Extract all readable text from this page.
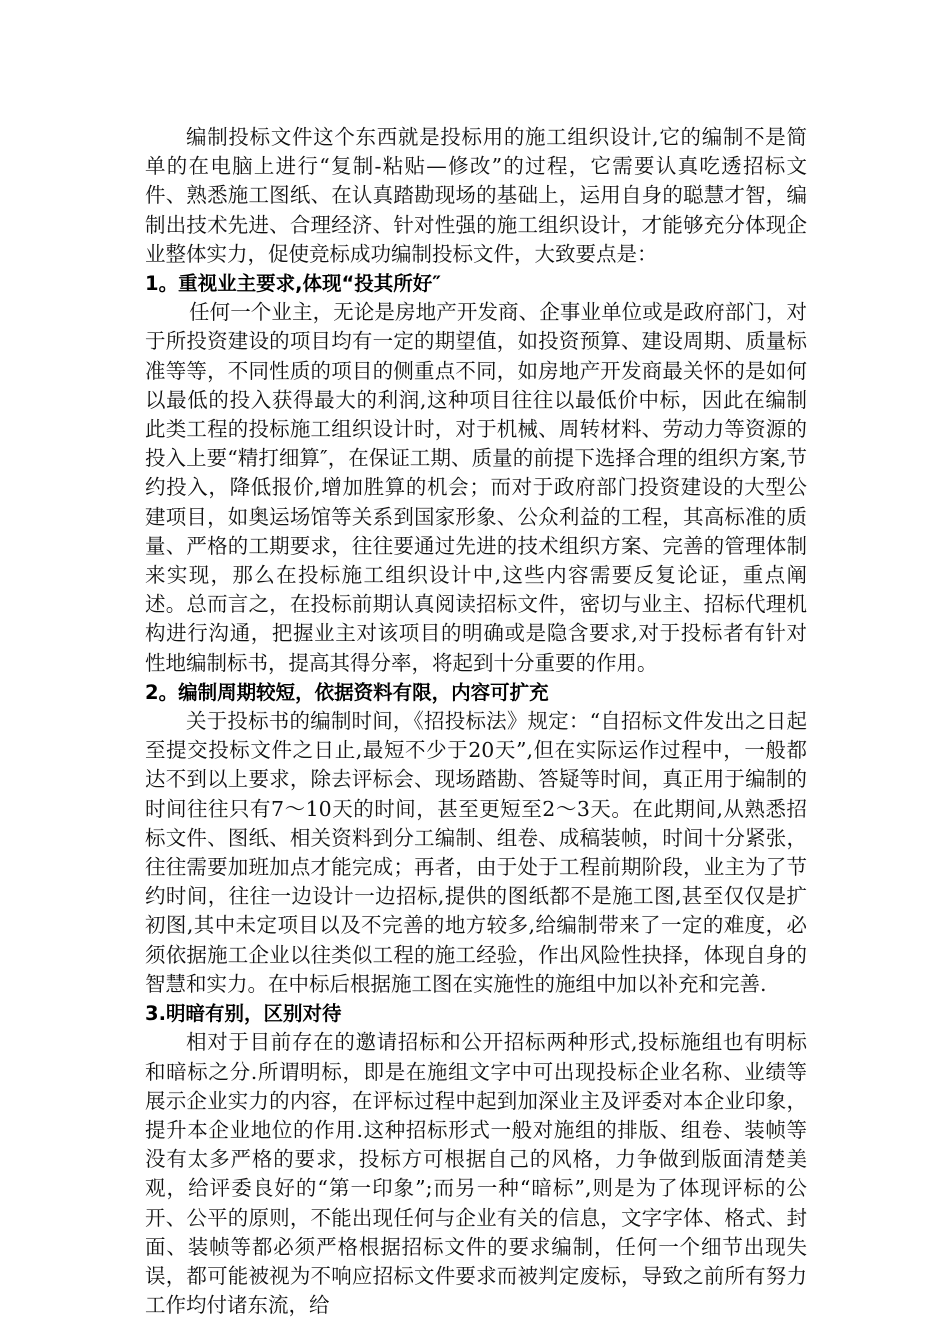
编制投标文件这个东西就是投标用的施工组织设计,它的编制不是简单的在电脑上进行“复制-粘贴—修改”的过程，它需要认真吃透招标文件、熟悉施工图纸、在认真踏勘现场的基础上，运用自身的聪慧才智，编制出技术先进、合理经济、针对性强的施工组织设计，才能够充分体现企业整体实力，促使竞标成功编制投标文件，大致要点是：

1。重视业主要求,体现“投其所好″

任何一个业主，无论是房地产开发商、企事业单位或是政府部门，对于所投资建设的项目均有一定的期望值，如投资预算、建设周期、质量标准等等，不同性质的项目的侧重点不同，如房地产开发商最关怀的是如何以最低的投入获得最大的利润,这种项目往往以最低价中标，因此在编制此类工程的投标施工组织设计时，对于机械、周转材料、劳动力等资源的投入上要“精打细算″，在保证工期、质量的前提下选择合理的组织方案,节约投入，降低报价,增加胜算的机会；而对于政府部门投资建设的大型公建项目，如奥运场馆等关系到国家形象、公众利益的工程，其高标准的质量、严格的工期要求，往往要通过先进的技术组织方案、完善的管理体制来实现，那么在投标施工组织设计中,这些内容需要反复论证，重点阐述。总而言之，在投标前期认真阅读招标文件，密切与业主、招标代理机构进行沟通，把握业主对该项目的明确或是隐含要求,对于投标者有针对性地编制标书，提高其得分率，将起到十分重要的作用。

2。编制周期较短，依据资料有限，内容可扩充

关于投标书的编制时间，《招投标法》规定：“自招标文件发出之日起至提交投标文件之日止,最短不少于20天”,但在实际运作过程中，一般都达不到以上要求，除去评标会、现场踏勘、答疑等时间，真正用于编制的时间往往只有7～10天的时间，甚至更短至2～3天。在此期间,从熟悉招标文件、图纸、相关资料到分工编制、组卷、成稿装帧，时间十分紧张，往往需要加班加点才能完成；再者，由于处于工程前期阶段，业主为了节约时间，往往一边设计一边招标,提供的图纸都不是施工图,甚至仅仅是扩初图,其中未定项目以及不完善的地方较多,给编制带来了一定的难度，必须依据施工企业以往类似工程的施工经验，作出风险性抉择，体现自身的智慧和实力。在中标后根据施工图在实施性的施组中加以补充和完善.

3.明暗有别，区别对待

相对于目前存在的邀请招标和公开招标两种形式,投标施组也有明标和暗标之分.所谓明标，即是在施组文字中可出现投标企业名称、业绩等展示企业实力的内容，在评标过程中起到加深业主及评委对本企业印象，提升本企业地位的作用.这种招标形式一般对施组的排版、组卷、装帧等没有太多严格的要求，投标方可根据自己的风格，力争做到版面清楚美观，给评委良好的“第一印象”;而另一种“暗标”,则是为了体现评标的公开、公平的原则，不能出现任何与企业有关的信息，文字字体、格式、封面、装帧等都必须严格根据招标文件的要求编制，任何一个细节出现失误，都可能被视为不响应招标文件要求而被判定废标，导致之前所有努力工作均付诸东流，给
